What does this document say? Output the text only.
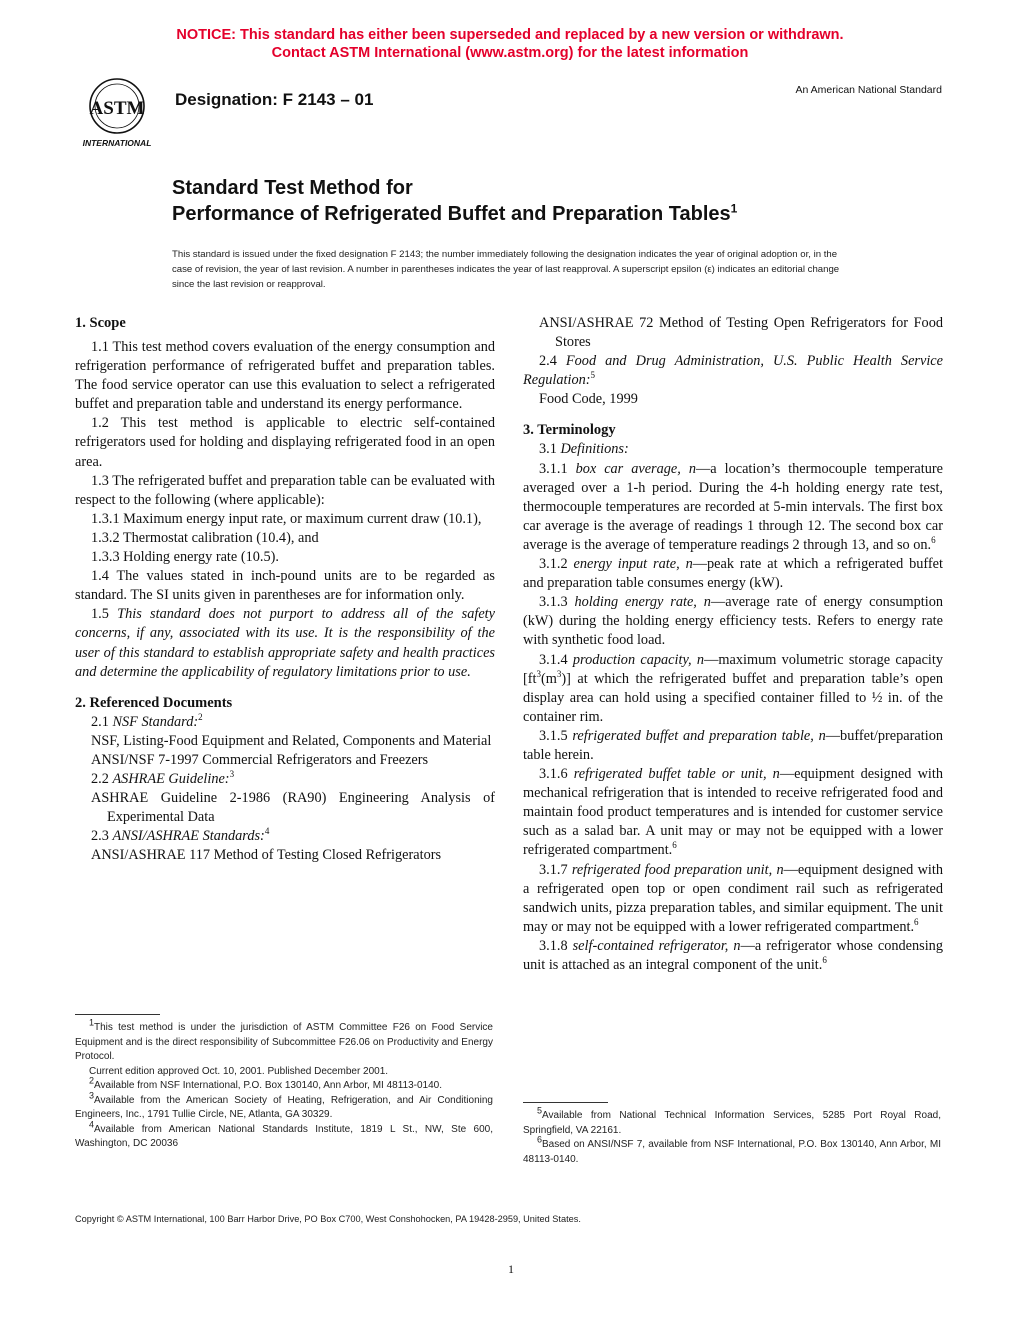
NOTICE: This standard has either been superseded and replaced by a new version or withdrawn.
Contact ASTM International (www.astm.org) for the latest information
ASTM
INTERNATIONAL
Designation: F 2143 – 01	An American National Standard
Standard Test Method for
Performance of Refrigerated Buffet and Preparation Tables$^1$
This standard is issued under the fixed designation F 2143; the number immediately following the designation indicates the year of original adoption or, in the case of revision, the year of last revision. A number in parentheses indicates the year of last reapproval. A superscript epsilon (ε) indicates an editorial change since the last revision or reapproval.
1. Scope

1.1 This test method covers evaluation of the energy consumption and refrigeration performance of refrigerated buffet and preparation tables. The food service operator can use this evaluation to select a refrigerated buffet and preparation table and understand its energy performance.

1.2 This test method is applicable to electric self-contained refrigerators used for holding and displaying refrigerated food in an open area.

1.3 The refrigerated buffet and preparation table can be evaluated with respect to the following (where applicable):

1.3.1 Maximum energy input rate, or maximum current draw (10.1),

1.3.2 Thermostat calibration (10.4), and

1.3.3 Holding energy rate (10.5).

1.4 The values stated in inch-pound units are to be regarded as standard. The SI units given in parentheses are for information only.

1.5 This standard does not purport to address all of the safety concerns, if any, associated with its use. It is the responsibility of the user of this standard to establish appropriate safety and health practices and determine the applicability of regulatory limitations prior to use.

2. Referenced Documents

2.1 NSF Standard:$^2$

NSF, Listing-Food Equipment and Related, Components and Material

ANSI/NSF 7-1997 Commercial Refrigerators and Freezers

2.2 ASHRAE Guideline:$^3$

ASHRAE Guideline 2-1986 (RA90) Engineering Analysis of Experimental Data

2.3 ANSI/ASHRAE Standards:$^4$

ANSI/ASHRAE 117 Method of Testing Closed Refrigerators

ANSI/ASHRAE 72 Method of Testing Open Refrigerators for Food Stores

2.4 Food and Drug Administration, U.S. Public Health Service Regulation:$^5$

Food Code, 1999

3. Terminology

3.1 Definitions:

3.1.1 box car average, n—a location’s thermocouple temperature averaged over a 1-h period. During the 4-h holding energy rate test, thermocouple temperatures are recorded at 5-min intervals. The first box car average is the average of readings 1 through 12. The second box car average is the average of temperature readings 2 through 13, and so on.$^6$

3.1.2 energy input rate, n—peak rate at which a refrigerated buffet and preparation table consumes energy (kW).

3.1.3 holding energy rate, n—average rate of energy consumption (kW) during the holding energy efficiency tests. Refers to energy rate with synthetic food load.

3.1.4 production capacity, n—maximum volumetric storage capacity $[ft^3(m^3)]$ at which the refrigerated buffet and preparation table’s open display area can hold using a specified container filled to ½ in. of the container rim.

3.1.5 refrigerated buffet and preparation table, n—buffet/preparation table herein.

3.1.6 refrigerated buffet table or unit, n—equipment designed with mechanical refrigeration that is intended to receive refrigerated food and maintain food product temperatures and is intended for customer service such as a salad bar. A unit may or may not be equipped with a lower refrigerated compartment.$^6$

3.1.7 refrigerated food preparation unit, n—equipment designed with a refrigerated open top or open condiment rail such as refrigerated sandwich units, pizza preparation tables, and similar equipment. The unit may or may not be equipped with a lower refrigerated compartment.$^6$

3.1.8 self-contained refrigerator, n—a refrigerator whose condensing unit is attached as an integral component of the unit.$^6$

$^1$This test method is under the jurisdiction of ASTM Committee F26 on Food Service Equipment and is the direct responsibility of Subcommittee F26.06 on Productivity and Energy Protocol.

Current edition approved Oct. 10, 2001. Published December 2001.

$^2$Available from NSF International, P.O. Box 130140, Ann Arbor, MI 48113-0140.

$^3$Available from the American Society of Heating, Refrigeration, and Air Conditioning Engineers, Inc., 1791 Tullie Circle, NE, Atlanta, GA 30329.

$^4$Available from American National Standards Institute, 1819 L St., NW, Ste 600, Washington, DC 20036

$^5$Available from National Technical Information Services, 5285 Port Royal Road, Springfield, VA 22161.

$^6$Based on ANSI/NSF 7, available from NSF International, P.O. Box 130140, Ann Arbor, MI 48113-0140.

Copyright © ASTM International, 100 Barr Harbor Drive, PO Box C700, West Conshohocken, PA 19428-2959, United States.
1
